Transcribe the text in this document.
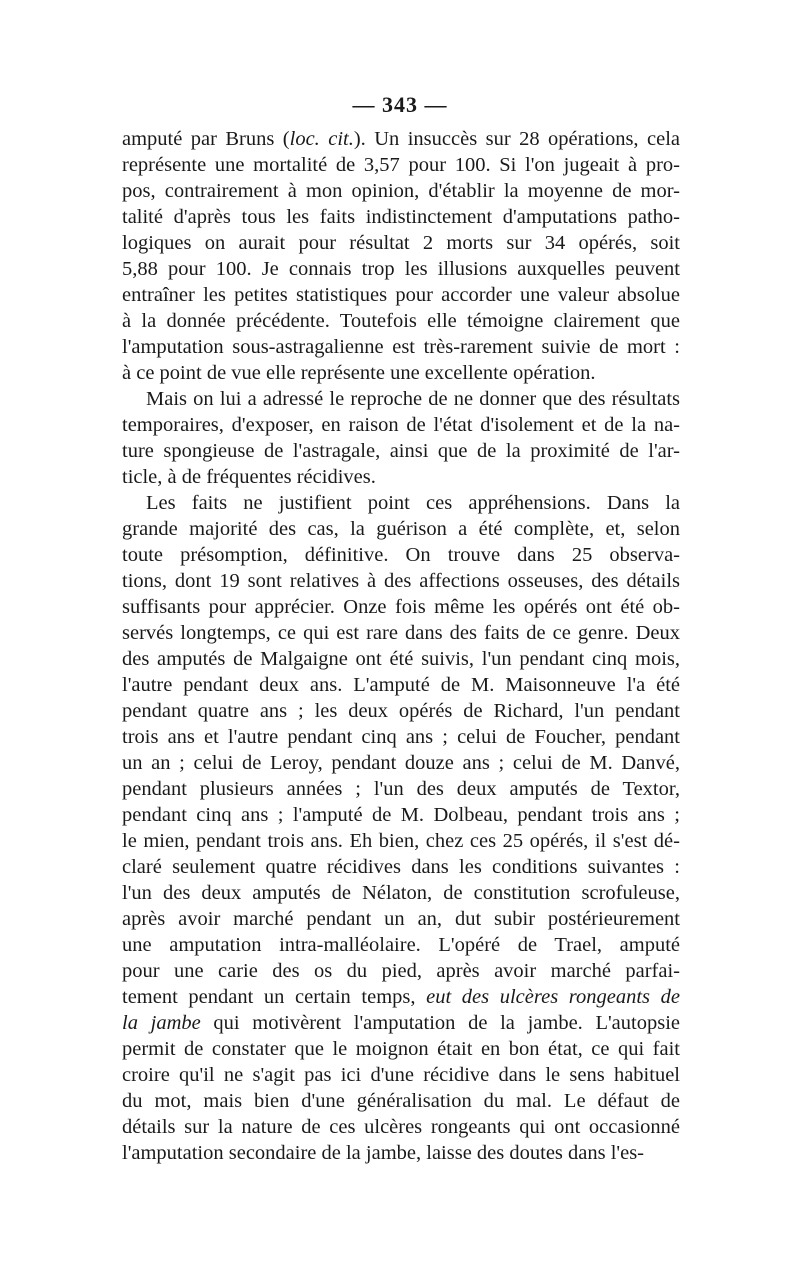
— 343 —
amputé par Bruns (loc. cit.). Un insuccès sur 28 opérations, cela
représente une mortalité de 3,57 pour 100. Si l'on jugeait à pro-
pos, contrairement à mon opinion, d'établir la moyenne de mor-
talité d'après tous les faits indistinctement d'amputations patho-
logiques on aurait pour résultat 2 morts sur 34 opérés, soit
5,88 pour 100. Je connais trop les illusions auxquelles peuvent
entraîner les petites statistiques pour accorder une valeur absolue
à la donnée précédente. Toutefois elle témoigne clairement que
l'amputation sous-astragalienne est très-rarement suivie de mort :
à ce point de vue elle représente une excellente opération.
Mais on lui a adressé le reproche de ne donner que des résultats
temporaires, d'exposer, en raison de l'état d'isolement et de la na-
ture spongieuse de l'astragale, ainsi que de la proximité de l'ar-
ticle, à de fréquentes récidives.
Les faits ne justifient point ces appréhensions. Dans la
grande majorité des cas, la guérison a été complète, et, selon
toute présomption, définitive. On trouve dans 25 observa-
tions, dont 19 sont relatives à des affections osseuses, des détails
suffisants pour apprécier. Onze fois même les opérés ont été ob-
servés longtemps, ce qui est rare dans des faits de ce genre. Deux
des amputés de Malgaigne ont été suivis, l'un pendant cinq mois,
l'autre pendant deux ans. L'amputé de M. Maisonneuve l'a été
pendant quatre ans ; les deux opérés de Richard, l'un pendant
trois ans et l'autre pendant cinq ans ; celui de Foucher, pendant
un an ; celui de Leroy, pendant douze ans ; celui de M. Danvé,
pendant plusieurs années ; l'un des deux amputés de Textor,
pendant cinq ans ; l'amputé de M. Dolbeau, pendant trois ans ;
le mien, pendant trois ans. Eh bien, chez ces 25 opérés, il s'est dé-
claré seulement quatre récidives dans les conditions suivantes :
l'un des deux amputés de Nélaton, de constitution scrofuleuse,
après avoir marché pendant un an, dut subir postérieurement
une amputation intra-malléolaire. L'opéré de Trael, amputé
pour une carie des os du pied, après avoir marché parfai-
tement pendant un certain temps, eut des ulcères rongeants de
la jambe qui motivèrent l'amputation de la jambe. L'autopsie
permit de constater que le moignon était en bon état, ce qui fait
croire qu'il ne s'agit pas ici d'une récidive dans le sens habituel
du mot, mais bien d'une généralisation du mal. Le défaut de
détails sur la nature de ces ulcères rongeants qui ont occasionné
l'amputation secondaire de la jambe, laisse des doutes dans l'es-
